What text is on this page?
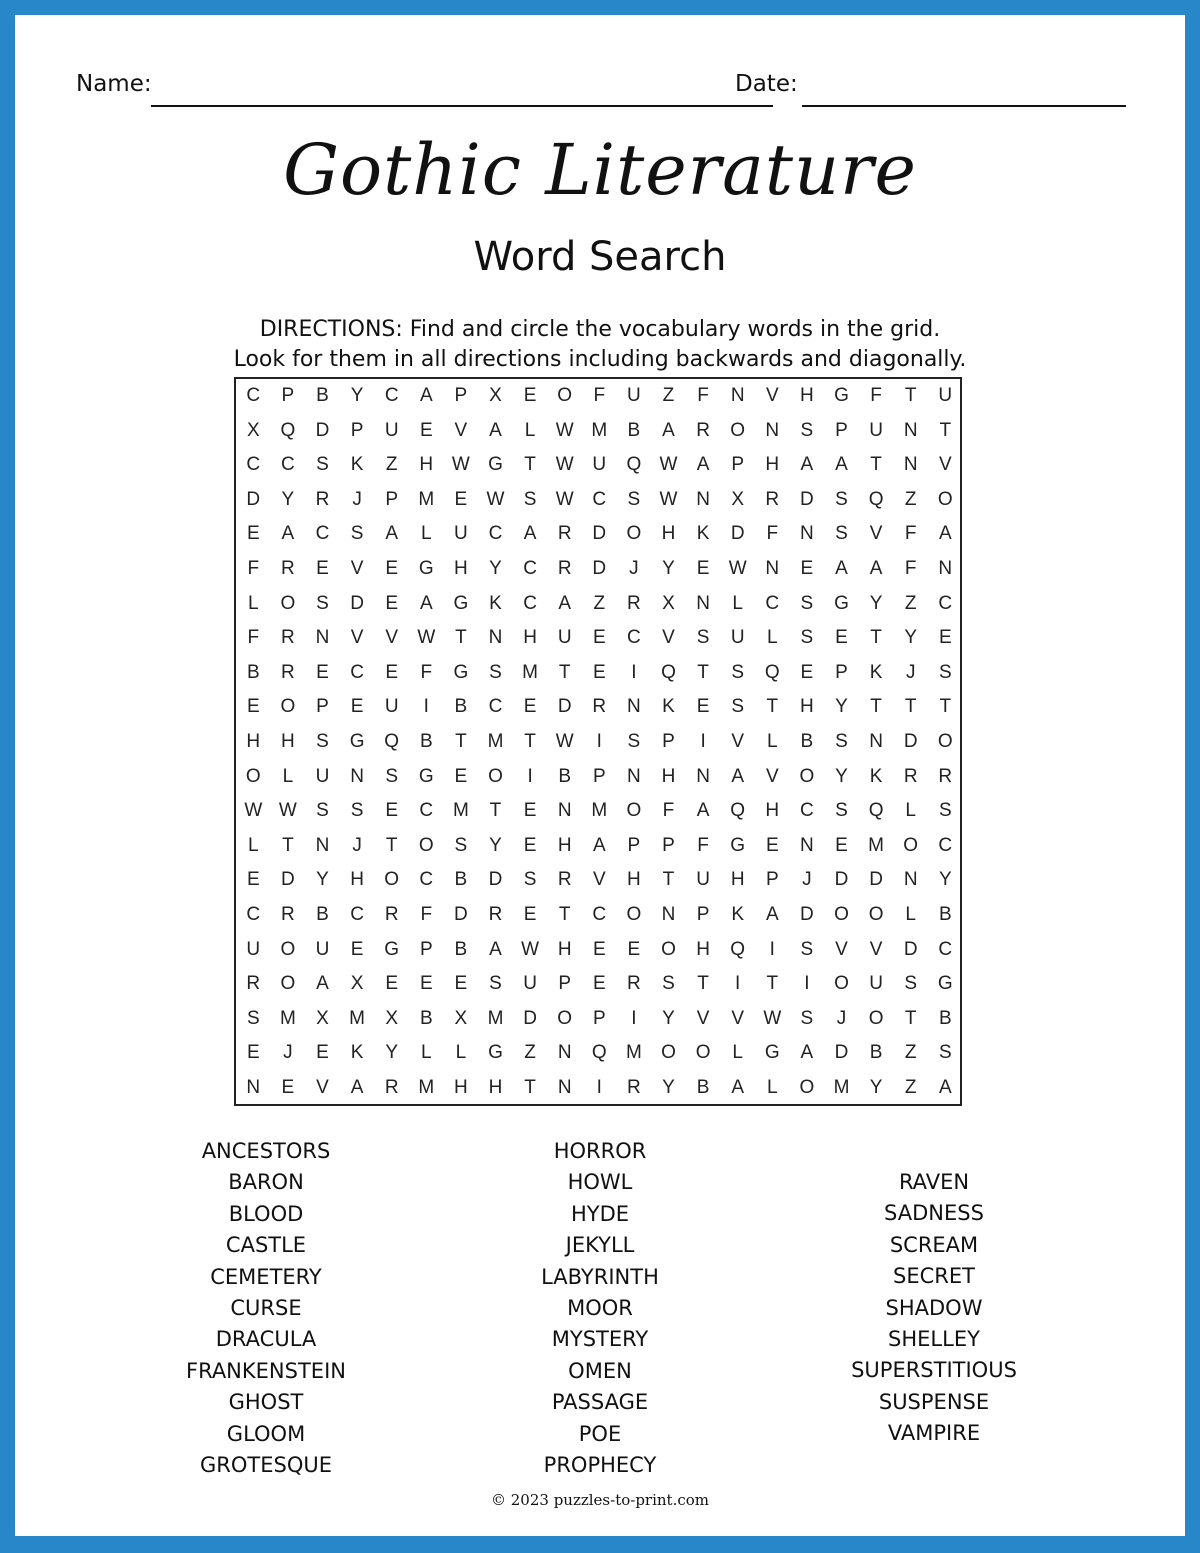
Name:	Date:
Gothic Literature
Word Search
DIRECTIONS: Find and circle the vocabulary words in the grid.
Look for them in all directions including backwards and diagonally.
C	P	B	Y	C	A	P	X	E	O	F	U	Z	F	N	V	H	G	F	T	U
X	Q	D	P	U	E	V	A	L	W M	B	A	R	O	N	S	P	U	N	T
C	C	S	K	Z	H W G	T	W U	Q W	A	P	H	A	A	T	N	V
D	Y	R	J	P	M	E	W	S	W C	S	W N	X	R	D	S	Q	Z	O
E	A	C	S	A	L	U	C	A	R	D	O	H	K	D	F	N	S	V	F	A
F	R	E	V	E	G	H	Y	C	R	D	J	Y	E	W N	E	A	A	F	N
L	O	S	D	E	A	G	K	C	A	Z	R	X	N	L	C	S	G	Y	Z	C
F	R	N	V	V	W	T	N	H	U	E	C	V	S	U	L	S	E	T	Y	E
B	R	E	C	E	F	G	S	M	T	E	I	Q	T	S	Q	E	P	K	J	S
E	O	P	E	U	I	B	C	E	D	R	N	K	E	S	T	H	Y	T	T	T
H	H	S	G	Q	B	T	M	T	W	I	S	P	I	V	L	B	S	N	D	O
O	L	U	N	S	G	E	O	I	B	P	N	H	N	A	V	O	Y	K	R	R
W W	S	S	E	C	M	T	E	N	M	O	F	A	Q	H	C	S	Q	L	S
L	T	N	J	T	O	S	Y	E	H	A	P	P	F	G	E	N	E	M	O	C
E	D	Y	H	O	C	B	D	S	R	V	H	T	U	H	P	J	D	D	N	Y
C	R	B	C	R	F	D	R	E	T	C	O	N	P	K	A	D	O	O	L	B
U	O	U	E	G	P	B	A	W H	E	E	O	H	Q	I	S	V	V	D	C
R	O	A	X	E	E	E	S	U	P	E	R	S	T	I	T	I	O	U	S	G
S	M	X	M	X	B	X	M	D	O	P	I	Y	V	V	W	S	J	O	T	B
E	J	E	K	Y	L	L	G	Z	N	Q	M	O	O	L	G	A	D	B	Z	S
N	E	V	A	R	M	H	H	T	N	I	R	Y	B	A	L	O	M	Y	Z	A
ANCESTORS
BARON
BLOOD
CASTLE
CEMETERY
CURSE
DRACULA
FRANKENSTEIN
GHOST
GLOOM
GROTESQUE
HORROR
HOWL
HYDE
JEKYLL
LABYRINTH
MOOR
MYSTERY
OMEN
PASSAGE
POE
PROPHECY
RAVEN
SADNESS
SCREAM
SECRET
SHADOW
SHELLEY
SUPERSTITIOUS
SUSPENSE
VAMPIRE
© 2023 puzzles-to-print.com
